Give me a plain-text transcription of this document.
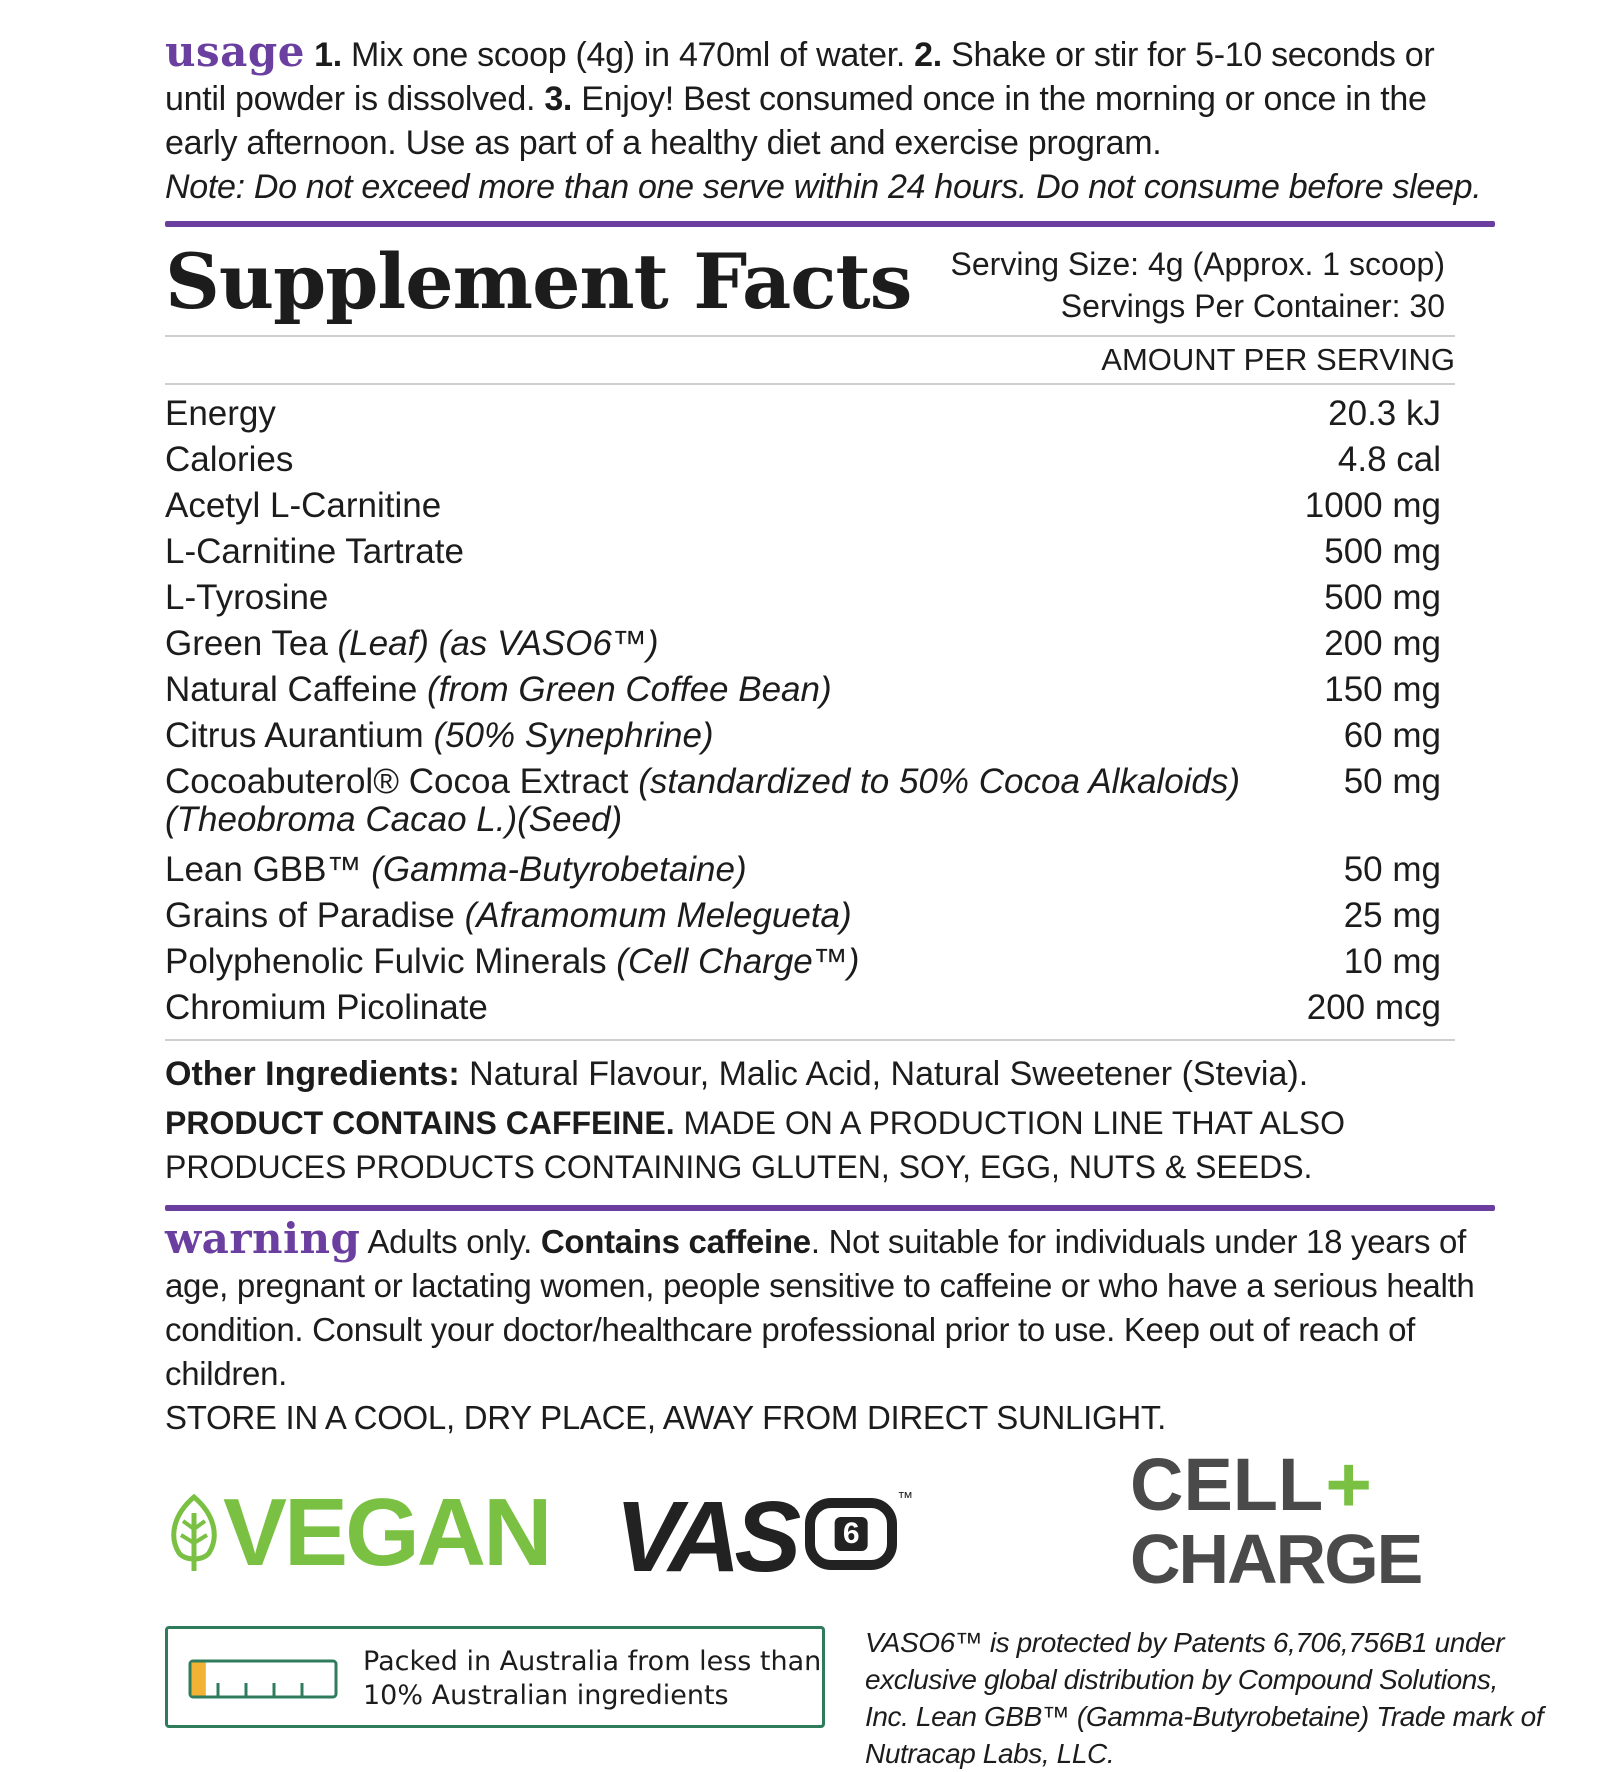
usage 1. Mix one scoop (4g) in 470ml of water. 2. Shake or stir for 5-10 seconds or until powder is dissolved. 3. Enjoy! Best consumed once in the morning or once in the early afternoon. Use as part of a healthy diet and exercise program.
Note: Do not exceed more than one serve within 24 hours. Do not consume before sleep.
Supplement Facts Serving Size: 4g (Approx. 1 scoop)
Servings Per Container: 30
AMOUNT PER SERVING
Energy	20.3 kJ
Calories	4.8 cal
Acetyl L-Carnitine	1000 mg
L-Carnitine Tartrate	500 mg
L-Tyrosine	500 mg
Green Tea (Leaf) (as VASO6™)	200 mg
Natural Caffeine (from Green Coffee Bean)	150 mg
Citrus Aurantium (50% Synephrine)	60 mg
Cocoabuterol® Cocoa Extract (standardized to 50% Cocoa Alkaloids)
(Theobroma Cacao L.)(Seed)	50 mg
Lean GBB™ (Gamma-Butyrobetaine)	50 mg
Grains of Paradise (Aframomum Melegueta)	25 mg
Polyphenolic Fulvic Minerals (Cell Charge™)	10 mg
Chromium Picolinate	200 mcg
Other Ingredients: Natural Flavour, Malic Acid, Natural Sweetener (Stevia).
PRODUCT CONTAINS CAFFEINE. MADE ON A PRODUCTION LINE THAT ALSO PRODUCES PRODUCTS CONTAINING GLUTEN, SOY, EGG, NUTS & SEEDS.
warning Adults only. Contains caffeine. Not suitable for individuals under 18 years of age, pregnant or lactating women, people sensitive to caffeine or who have a serious health condition. Consult your doctor/healthcare professional prior to use. Keep out of reach of children.
STORE IN A COOL, DRY PLACE, AWAY FROM DIRECT SUNLIGHT.
VEGAN VAS 6
™	CELL +
CHARGE
Packed in Australia from less than
10% Australian ingredients
VASO6™ is protected by Patents 6,706,756B1 under exclusive global distribution by Compound Solutions, Inc. Lean GBB™ (Gamma-Butyrobetaine) Trade mark of Nutracap Labs, LLC.
